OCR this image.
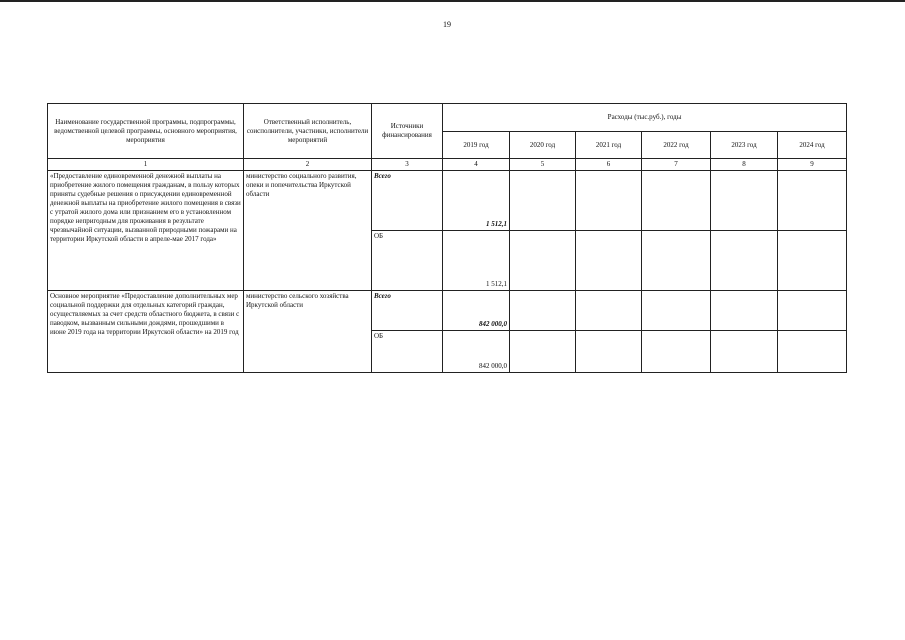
19
Наименование государственной программы, подпрограммы, ведомственной целевой программы, основного мероприятия, мероприятия	Ответственный исполнитель, соисполнители, участники, исполнители мероприятий	Источники финансирования	Расходы (тыс.руб.), годы					
			2019 год	2020 год	2021 год	2022 год	2023 год	2024 год
1	2	3	4	5	6	7	8	9
«Предоставление единовременной денежной выплаты на приобретение жилого помещения гражданам, в пользу которых приняты судебные решения о присуждении единовременной денежной выплаты на приобретение жилого помещения в связи с утратой жилого дома или признанием его в установленном порядке непригодным для проживания в результате чрезвычайной ситуации, вызванной природными пожарами на территории Иркутской области в апреле-мае 2017 года»	министерство социального развития, опеки и попечительства Иркутской области	Всего	1 512,1					

		ОБ	1 512,1					

Основное мероприятие «Предоставление дополнительных мер социальной поддержки для отдельных категорий граждан, осуществляемых за счет средств областного бюджета, в связи с паводком, вызванным сильными дождями, прошедшими в июне 2019 года на территории Иркутской области» на 2019 год	министерство сельского хозяйства Иркутской области	Всего	842 000,0					

		ОБ	842 000,0					
